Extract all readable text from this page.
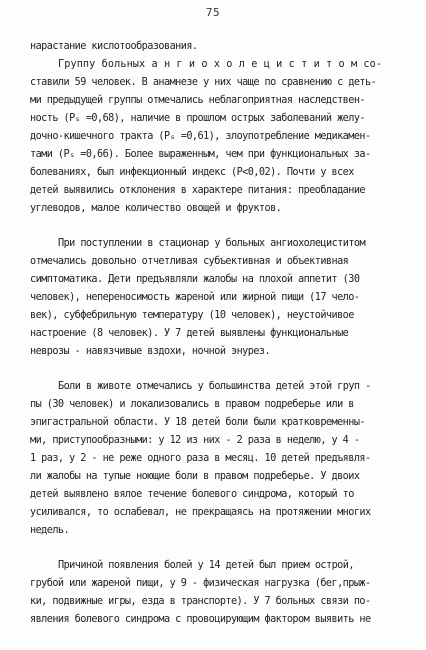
75
нарастание кислотообразования.
Группу больных а н г и о х о л е ц и с т и т о м со-
ставили 59 человек. В анамнезе у них чаще по сравнению с деть-
ми предыдущей группы отмечались неблагоприятная наследствен-
ность (Pₛ =0,68), наличие в прошлом острых заболеваний желу-
дочно-кишечного тракта (Pₛ =0,61), злоупотребление медикамен-
тами (Pₛ =0,66). Более выраженным, чем при функциональных за-
болеваниях, был инфекционный индекс (P<0,02). Почти у всех
детей выявились отклонения в характере питания: преобладание
углеводов, малое количество овощей и фруктов.
При поступлении в стационар у больных ангиохолециститом
отмечались довольно отчетливая субъективная и объективная
симптоматика. Дети предъявляли жалобы на плохой аппетит (30
человек), непереносимость жареной или жирной пищи (17 чело-
век), субфебрильную температуру (10 человек), неустойчивое
настроение (8 человек). У 7 детей выявлены функциональные
неврозы - навязчивые вздохи, ночной энурез.
Боли в животе отмечались у большинства детей этой груп -
пы (30 человек) и локализовались в правом подреберье или в
эпигастральной области. У 18 детей боли были кратковременны-
ми, приступообразными: у 12 из них - 2 раза в неделю, у 4 -
1 раз, у 2 - не реже одного раза в месяц. 10 детей предъявля-
ли жалобы на тупые ноющие боли в правом подреберье. У двоих
детей выявлено вялое течение болевого синдрома, который то
усиливался, то ослабевал, не прекращаясь на протяжении многих
недель.
Причиной появления болей у 14 детей был прием острой,
грубой или жареной пищи, у 9 - физическая нагрузка (бег,прыж-
ки, подвижные игры, езда в транспорте). У 7 больных связи по-
явления болевого синдрома с провоцирующим фактором выявить не
